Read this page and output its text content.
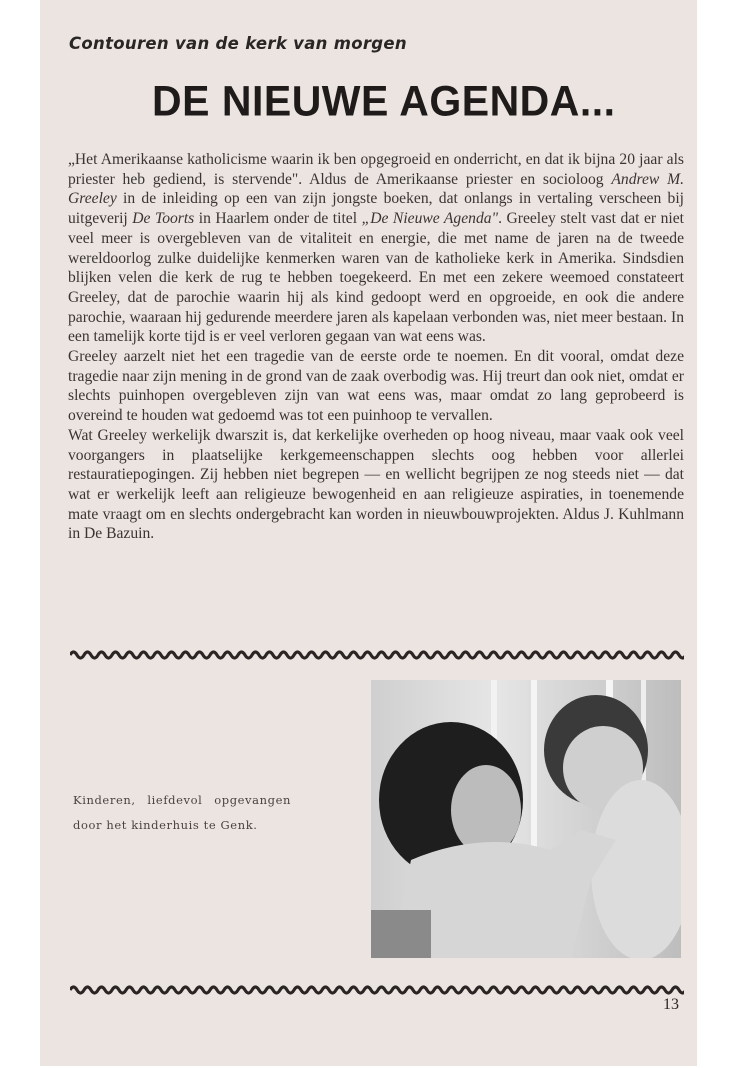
Contouren van de kerk van morgen
DE NIEUWE AGENDA...

„Het Amerikaanse katholicisme waarin ik ben opgegroeid en onderricht, en dat ik bijna 20 jaar als priester heb gediend, is stervende". Aldus de Amerikaanse priester en socioloog Andrew M. Greeley in de inleiding op een van zijn jongste boeken, dat onlangs in vertaling verscheen bij uitgeverij De Toorts in Haarlem onder de titel „De Nieuwe Agenda". Greeley stelt vast dat er niet veel meer is overgebleven van de vitaliteit en energie, die met name de jaren na de tweede wereldoorlog zulke duidelijke kenmerken waren van de katholieke kerk in Amerika. Sindsdien blijken velen die kerk de rug te hebben toegekeerd. En met een zekere weemoed constateert Greeley, dat de parochie waarin hij als kind gedoopt werd en opgroeide, en ook die andere parochie, waaraan hij gedurende meerdere jaren als kapelaan verbonden was, niet meer bestaan. In een tamelijk korte tijd is er veel verloren gegaan van wat eens was.

Greeley aarzelt niet het een tragedie van de eerste orde te noemen. En dit vooral, omdat deze tragedie naar zijn mening in de grond van de zaak overbodig was. Hij treurt dan ook niet, omdat er slechts puinhopen overgebleven zijn van wat eens was, maar omdat zo lang geprobeerd is overeind te houden wat gedoemd was tot een puinhoop te vervallen.

Wat Greeley werkelijk dwarszit is, dat kerkelijke overheden op hoog niveau, maar vaak ook veel voorgangers in plaatselijke kerkgemeenschappen slechts oog hebben voor allerlei restauratiepogingen. Zij hebben niet begrepen — en wellicht begrijpen ze nog steeds niet — dat wat er werkelijk leeft aan religieuze bewogenheid en aan religieuze aspiraties, in toenemende mate vraagt om en slechts ondergebracht kan worden in nieuwbouwprojekten. Aldus J. Kuhlmann in De Bazuin.

Kinderen, liefdevol opgevangen door het kinderhuis te Genk.
13
